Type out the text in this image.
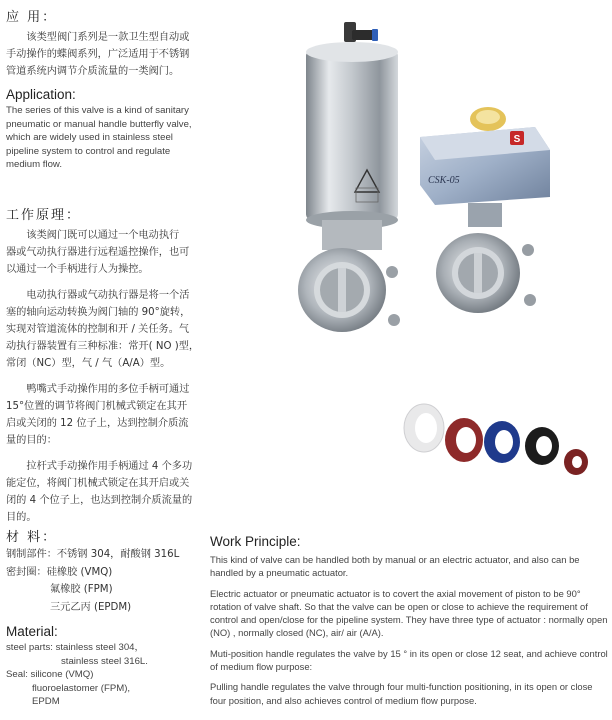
应 用：

该类型阀门系列是一款卫生型自动或
手动操作的蝶阀系列，广泛适用于不锈钢
管道系统内调节介质流量的一类阀门。

Application:

The series of this valve is a kind of sanitary
pneumatic or manual handle butterfly valve,
which are widely used in stainless steel
pipeline system to control and regulate
medium flow.

工作原理：

该类阀门既可以通过一个电动执行
器或气动执行器进行远程遥控操作，也可
以通过一个手柄进行人为操控。

电动执行器或气动执行器是将一个活
塞的轴向运动转换为阀门轴的 90°旋转，
实现对管道流体的控制和开 / 关任务。气
动执行器装置有三种标准：常开( NO )型，
常闭（NC）型，气 / 气（A/A）型。

鸭嘴式手动操作用的多位手柄可通过
15°位置的调节将阀门机械式锁定在其开
启或关闭的 12 位子上，达到控制介质流
量的目的：

拉杆式手动操作用手柄通过 4 个多功
能定位，将阀门机械式锁定在其开启或关
闭的 4 个位子上，也达到控制介质流量的
目的。

材 料：
钢制部件：不锈钢 304，耐酸钢 316L
密封圈：硅橡胶 (VMQ)
氟橡胶 (FPM)
三元乙丙 (EPDM)
Material:
steel parts: stainless steel 304，
stainless steel 316L.
Seal: silicone (VMQ)
fluoroelastomer (FPM),
EPDM
Work Principle:

This kind of valve can be handled both by manual or an electric actuator, and also can be handled by a pneumatic actuator.

Electric actuator or pneumatic actuator is to covert the axial movement of piston to be 90° rotation of valve shaft. So that the valve can be open or close to achieve the requirement of control and open/close for the pipeline system. They have three type of actuator : normally open (NO) , normally closed (NC), air/ air (A/A).

Muti-position handle regulates the valve by 15 ° in its open or close 12 seat, and achieve control of medium flow purpose:

Pulling handle regulates the valve through four multi-function positioning, in its open or close four position, and also achieves control of medium flow purpose.

S
CSK-05
